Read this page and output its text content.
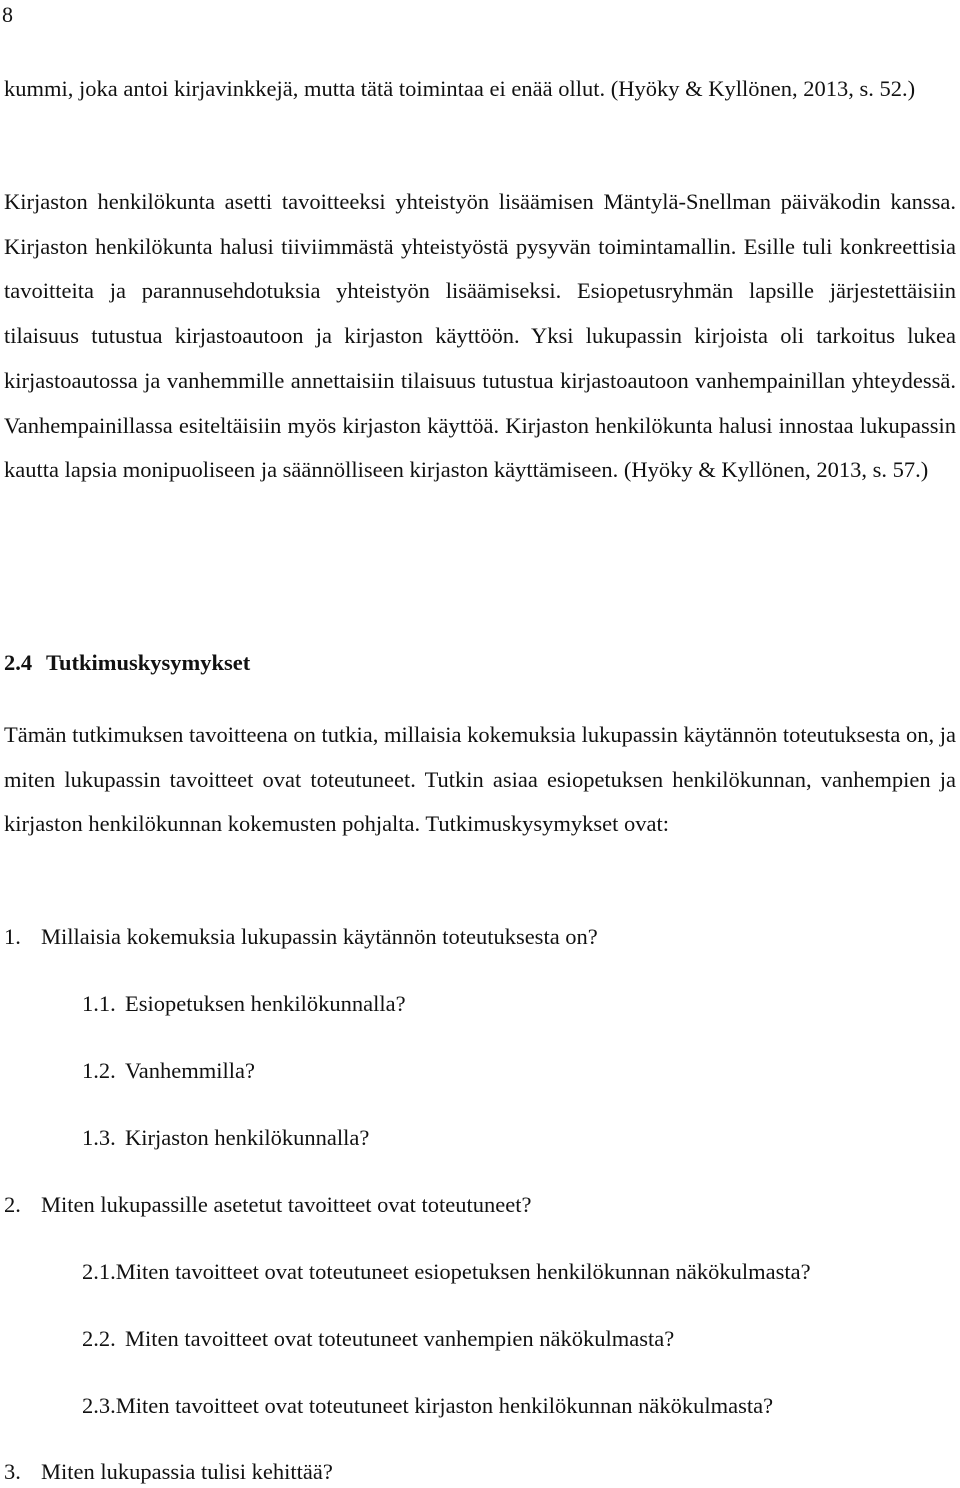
8

kummi, joka antoi kirjavinkkejä, mutta tätä toimintaa ei enää ollut. (Hyöky & Kyllönen, 2013, s. 52.)

Kirjaston henkilökunta asetti tavoitteeksi yhteistyön lisäämisen Mäntylä-Snellman päiväkodin kanssa. Kirjaston henkilökunta halusi tiiviimmästä yhteistyöstä pysyvän toimintamallin. Esille tuli konkreettisia tavoitteita ja parannusehdotuksia yhteistyön lisäämiseksi. Esiopetusryhmän lapsille järjestettäisiin tilaisuus tutustua kirjastoautoon ja kirjaston käyttöön. Yksi lukupassin kirjoista oli tarkoitus lukea kirjastoautossa ja vanhemmille annettaisiin tilaisuus tutustua kirjastoautoon vanhempainillan yhteydessä. Vanhempainillassa esiteltäisiin myös kirjaston käyttöä. Kirjaston henkilökunta halusi innostaa lukupassin kautta lapsia monipuoliseen ja säännölliseen kirjaston käyttämiseen. (Hyöky & Kyllönen, 2013, s. 57.)

2.4 Tutkimuskysymykset

Tämän tutkimuksen tavoitteena on tutkia, millaisia kokemuksia lukupassin käytännön toteutuksesta on, ja miten lukupassin tavoitteet ovat toteutuneet. Tutkin asiaa esiopetuksen henkilökunnan, vanhempien ja kirjaston henkilökunnan kokemusten pohjalta. Tutkimuskysymykset ovat:

1. Millaisia kokemuksia lukupassin käytännön toteutuksesta on?
1.1. Esiopetuksen henkilökunnalla?
1.2. Vanhemmilla?
1.3. Kirjaston henkilökunnalla?
2. Miten lukupassille asetetut tavoitteet ovat toteutuneet?
2.1.Miten tavoitteet ovat toteutuneet esiopetuksen henkilökunnan näkökulmasta?
2.2. Miten tavoitteet ovat toteutuneet vanhempien näkökulmasta?
2.3.Miten tavoitteet ovat toteutuneet kirjaston henkilökunnan näkökulmasta?
3. Miten lukupassia tulisi kehittää?
